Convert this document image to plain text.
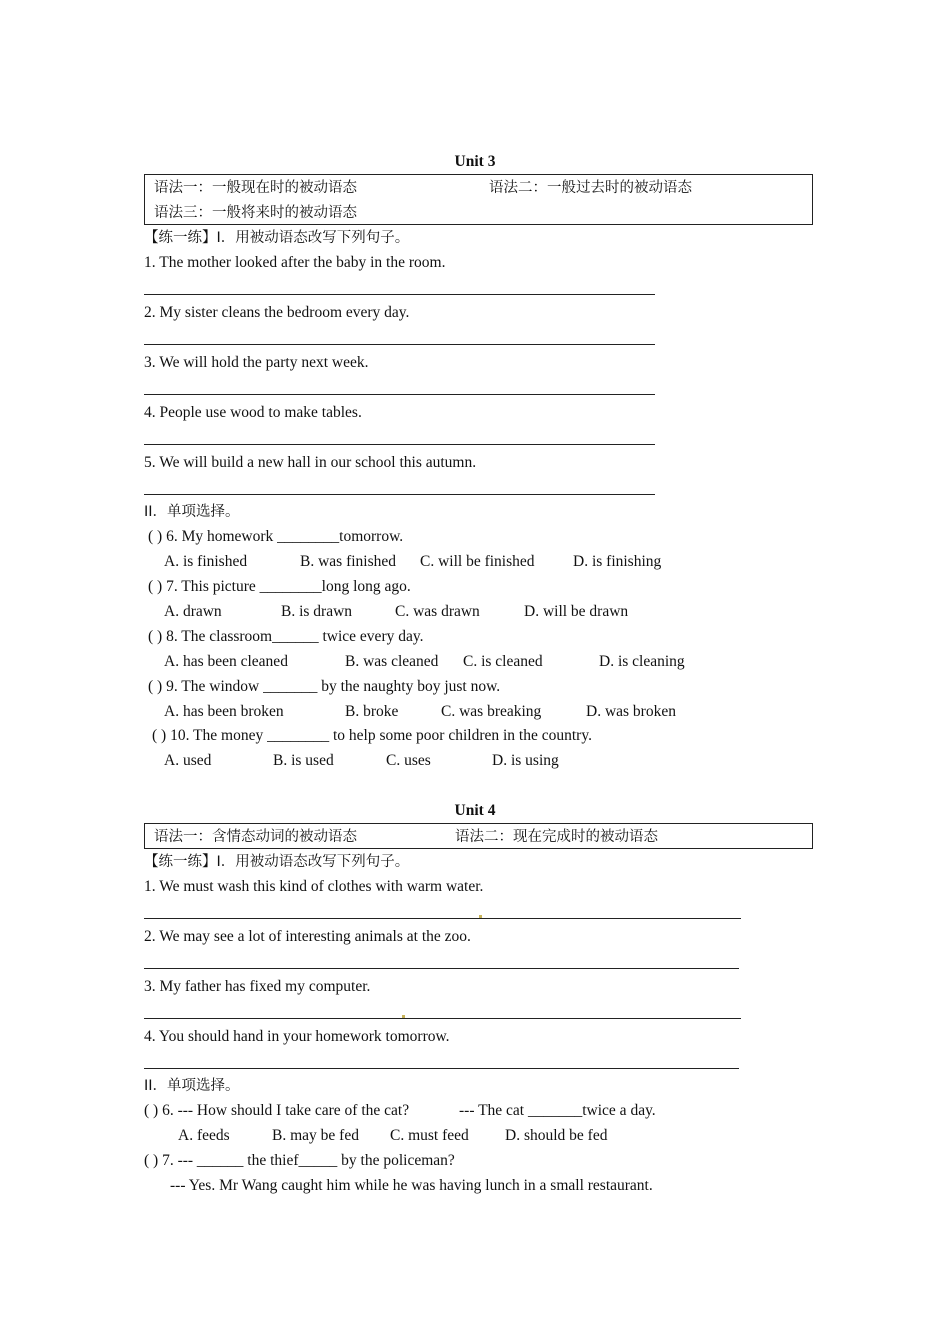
Unit 3
语法一：一般现在时的被动语态	语法二：一般过去时的被动语态
语法三：一般将来时的被动语态
【练一练】I．用被动语态改写下列句子。
1. The mother looked after the baby in the room.
2. My sister cleans the bedroom every day.
3. We will hold the party next week.
4. People use wood to make tables.
5. We will build a new hall in our school this autumn.
II．单项选择。
( ) 6. My homework ________tomorrow.
A. is finished	B. was finished C. will be finished D. is finishing
( ) 7. This picture ________long long ago.
A. drawn	B. is drawn	C. was drawn	D. will be drawn
( ) 8. The classroom______ twice every day.
A. has been cleaned	B. was cleaned C. is cleaned	D. is cleaning
( ) 9. The window _______ by the naughty boy just now.
A. has been broken	B. broke	C. was breaking	D. was broken
( ) 10. The money ________ to help some poor children in the country.
A. used	B. is used	C. uses	D. is using
Unit 4
语法一：含情态动词的被动语态	语法二：现在完成时的被动语态
【练一练】I．用被动语态改写下列句子。
1. We must wash this kind of clothes with warm water.
2. We may see a lot of interesting animals at the zoo.
3. My father has fixed my computer.
4. You should hand in your homework tomorrow.
II．单项选择。
( ) 6. --- How should I take care of the cat?	--- The cat _______twice a day.
A. feeds	B. may be fed C. must feed D. should be fed
( ) 7. --- ______ the thief_____ by the policeman?
--- Yes. Mr Wang caught him while he was having lunch in a small restaurant.
